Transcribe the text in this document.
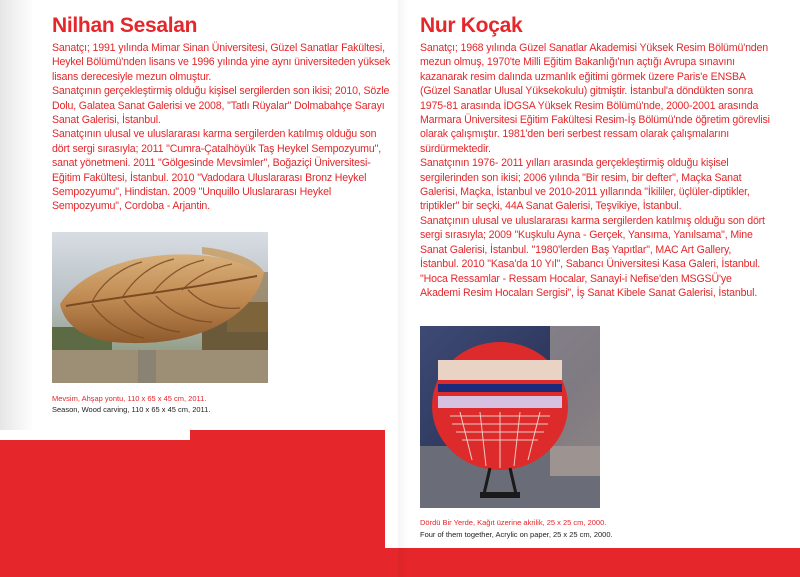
Nilhan Sesalan

Sanatçı; 1991 yılında Mimar Sinan Üniversitesi, Güzel Sanatlar Fakültesi, Heykel Bölümü'nden lisans ve 1996 yılında yine aynı üniversiteden yüksek lisans derecesiyle mezun olmuştur.

Sanatçının gerçekleştirmiş olduğu kişisel sergilerden son ikisi; 2010, Sözle Dolu, Galatea Sanat Galerisi ve 2008, "Tatlı Rüyalar" Dolmabahçe Sarayı Sanat Galerisi, İstanbul.

Sanatçının ulusal ve uluslararası karma sergilerden katılmış olduğu son dört sergi sırasıyla; 2011 "Cumra-Çatalhöyük Taş Heykel Sempozyumu", sanat yönetmeni. 2011 "Gölgesinde Mevsimler", Boğaziçi Üniversitesi-Eğitim Fakültesi, İstanbul. 2010 "Vadodara Uluslararası Bronz Heykel Sempozyumu", Hindistan. 2009 "Unquillo Uluslararası Heykel Sempozyumu", Cordoba - Arjantin.

Mevsim, Ahşap yontu, 110 x 65 x 45 cm, 2011.
Season, Wood carving, 110 x 65 x 45 cm, 2011.
Nur Koçak

Sanatçı; 1968 yılında Güzel Sanatlar Akademisi Yüksek Resim Bölümü'nden mezun olmuş, 1970'te Milli Eğitim Bakanlığı'nın açtığı Avrupa sınavını kazanarak resim dalında uzmanlık eğitimi görmek üzere Paris'e ENSBA (Güzel Sanatlar Ulusal Yüksekokulu) gitmiştir. İstanbul'a döndükten sonra 1975-81 arasında İDGSA Yüksek Resim Bölümü'nde, 2000-2001 arasında Marmara Üniversitesi Eğitim Fakültesi Resim-İş Bölümü'nde öğretim görevlisi olarak çalışmıştır. 1981'den beri serbest ressam olarak çalışmalarını sürdürmektedir.

Sanatçının 1976- 2011 yılları arasında gerçekleştirmiş olduğu kişisel sergilerinden son ikisi; 2006 yılında "Bir resim, bir defter", Maçka Sanat Galerisi, Maçka, İstanbul ve 2010-2011 yıllarında "İkililer, üçlüler-diptikler, triptikler" bir seçki, 44A Sanat Galerisi, Teşvikiye, İstanbul.

Sanatçının ulusal ve uluslararası karma sergilerden katılmış olduğu son dört sergi sırasıyla; 2009 "Kuşkulu Ayna - Gerçek, Yansıma, Yanılsama", Mine Sanat Galerisi, İstanbul. "1980'lerden Baş Yapıtlar", MAC Art Gallery, İstanbul. 2010 "Kasa'da 10 Yıl", Sabancı Üniversitesi Kasa Galeri, İstanbul. "Hoca Ressamlar - Ressam Hocalar, Sanayi-i Nefise'den MSGSÜ'ye Akademi Resim Hocaları Sergisi", İş Sanat Kibele Sanat Galerisi, İstanbul.

Dördü Bir Yerde, Kağıt üzerine akrilik, 25 x 25 cm, 2000.
Four of them together, Acrylic on paper, 25 x 25 cm, 2000.
